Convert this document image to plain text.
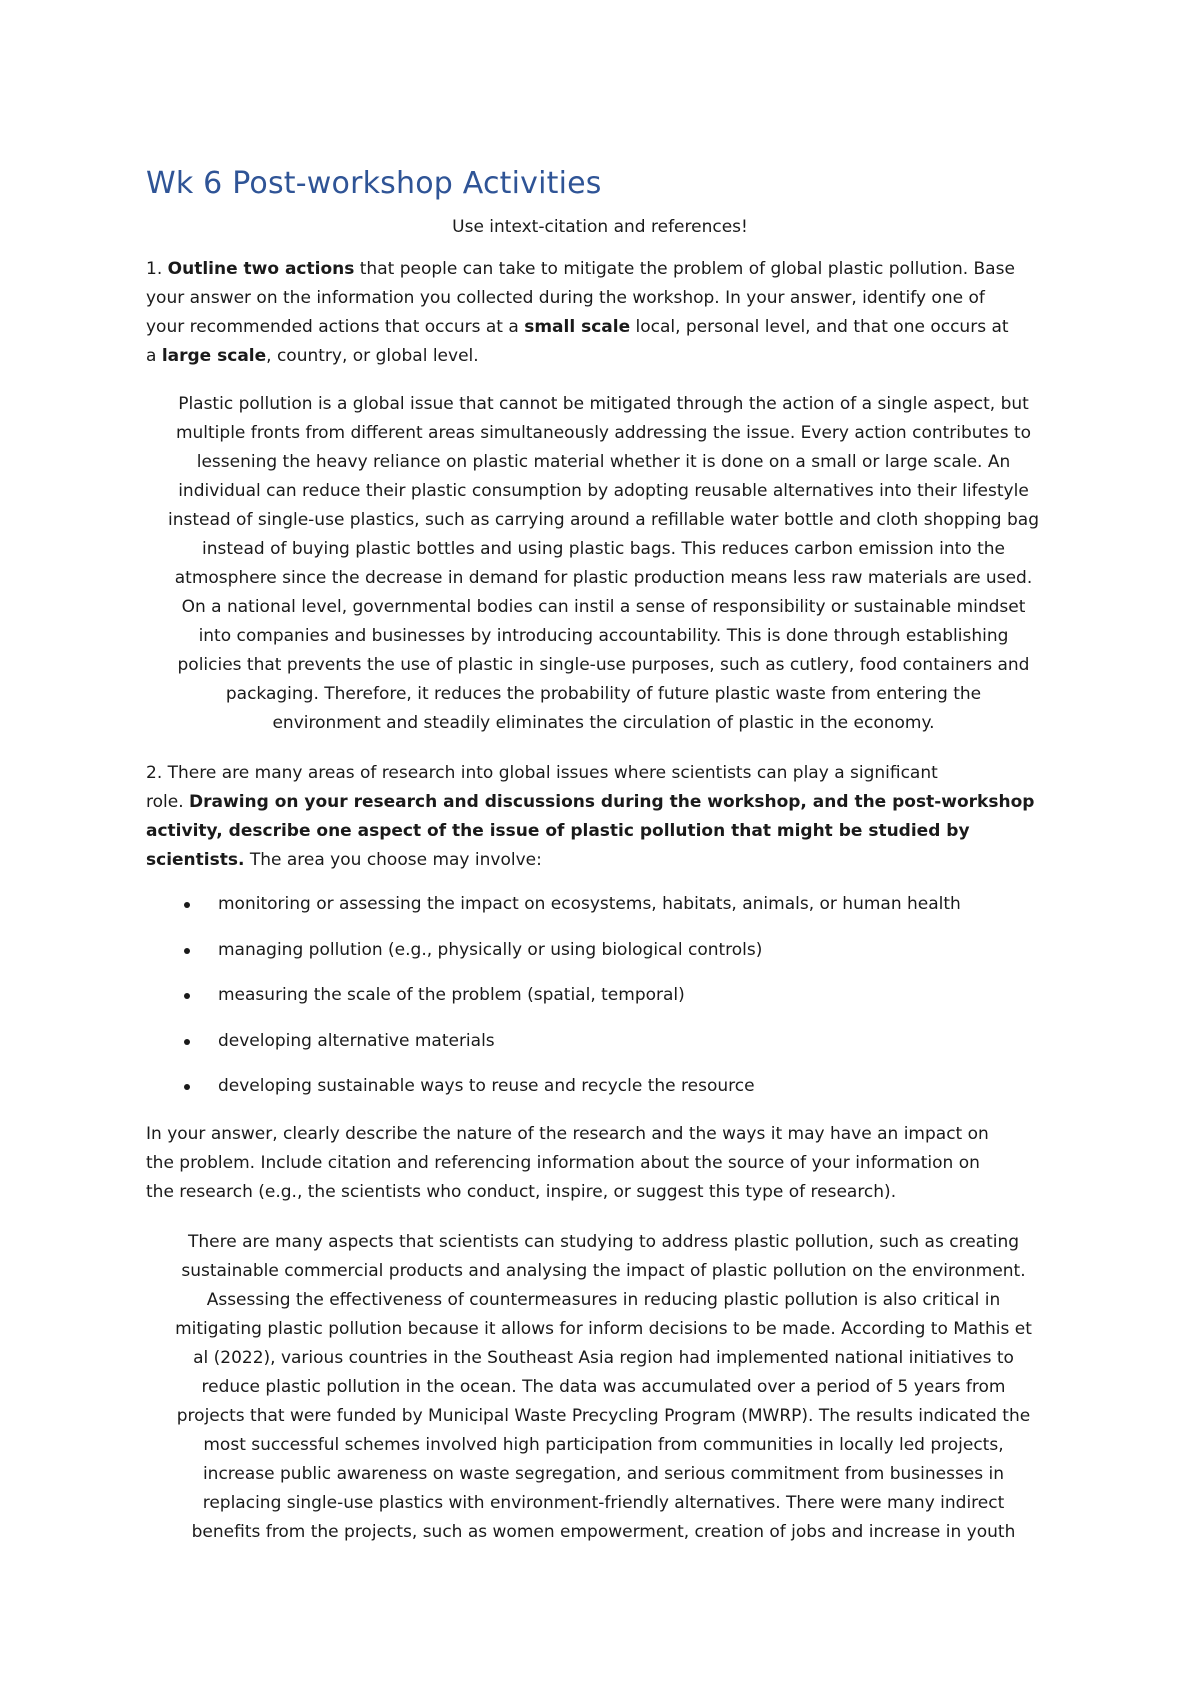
Wk 6 Post-workshop Activities
Use intext-citation and references!
1. Outline two actions that people can take to mitigate the problem of global plastic pollution. Base
your answer on the information you collected during the workshop. In your answer, identify one of
your recommended actions that occurs at a small scale local, personal level, and that one occurs at
a large scale, country, or global level.
Plastic pollution is a global issue that cannot be mitigated through the action of a single aspect, but
multiple fronts from different areas simultaneously addressing the issue. Every action contributes to
lessening the heavy reliance on plastic material whether it is done on a small or large scale. An
individual can reduce their plastic consumption by adopting reusable alternatives into their lifestyle
instead of single-use plastics, such as carrying around a refillable water bottle and cloth shopping bag
instead of buying plastic bottles and using plastic bags. This reduces carbon emission into the
atmosphere since the decrease in demand for plastic production means less raw materials are used.
On a national level, governmental bodies can instil a sense of responsibility or sustainable mindset
into companies and businesses by introducing accountability. This is done through establishing
policies that prevents the use of plastic in single-use purposes, such as cutlery, food containers and
packaging. Therefore, it reduces the probability of future plastic waste from entering the
environment and steadily eliminates the circulation of plastic in the economy.
2. There are many areas of research into global issues where scientists can play a significant
role. Drawing on your research and discussions during the workshop, and the post-workshop
activity, describe one aspect of the issue of plastic pollution that might be studied by
scientists. The area you choose may involve:
monitoring or assessing the impact on ecosystems, habitats, animals, or human health
managing pollution (e.g., physically or using biological controls)
measuring the scale of the problem (spatial, temporal)
developing alternative materials
developing sustainable ways to reuse and recycle the resource
In your answer, clearly describe the nature of the research and the ways it may have an impact on
the problem. Include citation and referencing information about the source of your information on
the research (e.g., the scientists who conduct, inspire, or suggest this type of research).
There are many aspects that scientists can studying to address plastic pollution, such as creating
sustainable commercial products and analysing the impact of plastic pollution on the environment.
Assessing the effectiveness of countermeasures in reducing plastic pollution is also critical in
mitigating plastic pollution because it allows for inform decisions to be made. According to Mathis et
al (2022), various countries in the Southeast Asia region had implemented national initiatives to
reduce plastic pollution in the ocean. The data was accumulated over a period of 5 years from
projects that were funded by Municipal Waste Precycling Program (MWRP). The results indicated the
most successful schemes involved high participation from communities in locally led projects,
increase public awareness on waste segregation, and serious commitment from businesses in
replacing single-use plastics with environment-friendly alternatives. There were many indirect
benefits from the projects, such as women empowerment, creation of jobs and increase in youth
